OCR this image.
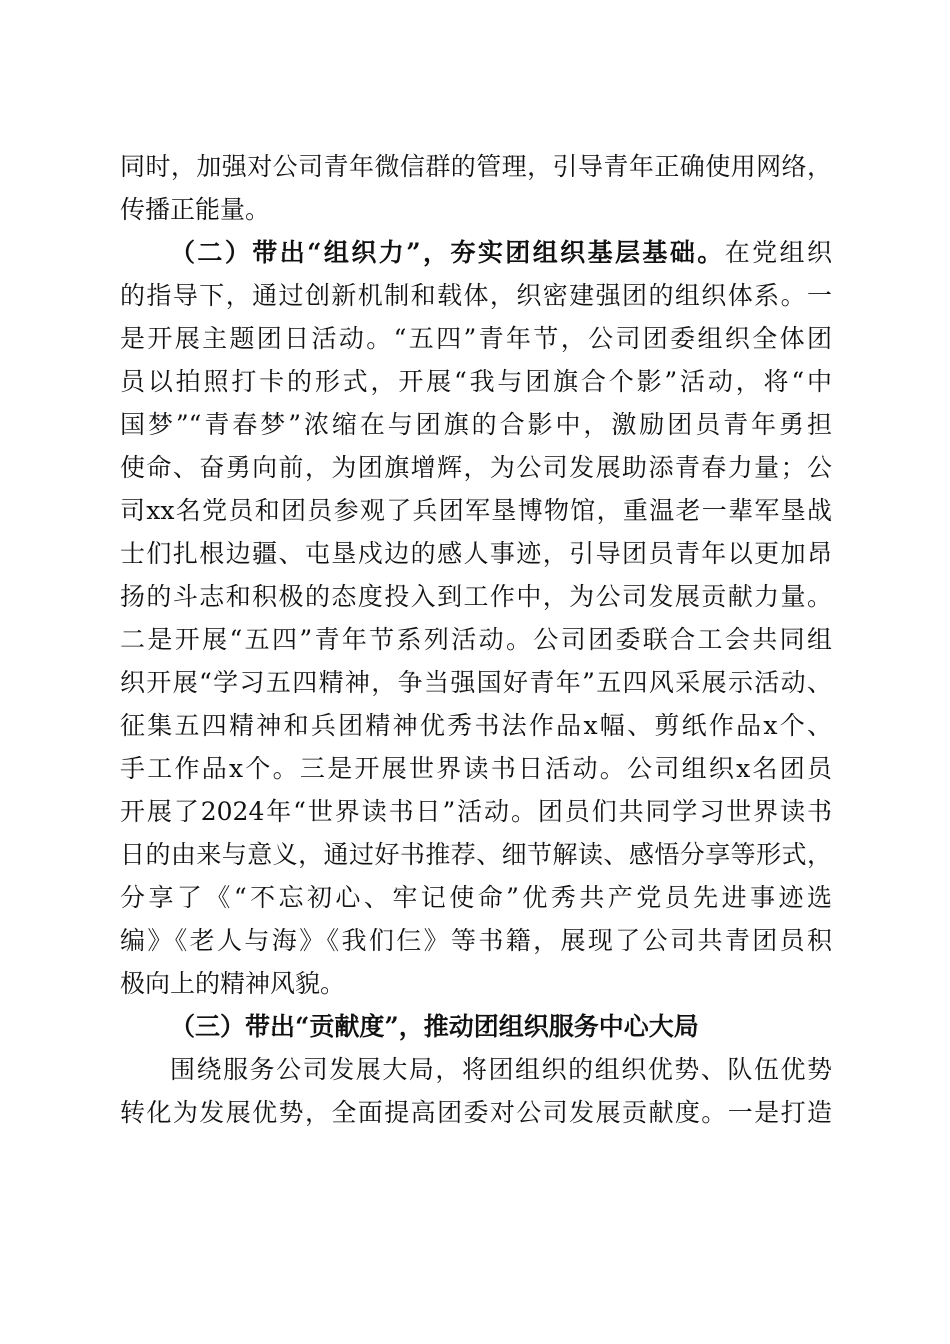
同时，加强对公司青年微信群的管理，引导青年正确使用网络，
传播正能量。
（二）带出“组织力”，夯实团组织基层基础。在党组织
的指导下，通过创新机制和载体，织密建强团的组织体系。一
是开展主题团日活动。“五四”青年节，公司团委组织全体团
员以拍照打卡的形式，开展“我与团旗合个影”活动，将“中
国梦”“青春梦”浓缩在与团旗的合影中，激励团员青年勇担
使命、奋勇向前，为团旗增辉，为公司发展助添青春力量；公
司xx名党员和团员参观了兵团军垦博物馆，重温老一辈军垦战
士们扎根边疆、屯垦戍边的感人事迹，引导团员青年以更加昂
扬的斗志和积极的态度投入到工作中，为公司发展贡献力量。
二是开展“五四”青年节系列活动。公司团委联合工会共同组
织开展“学习五四精神，争当强国好青年”五四风采展示活动、
征集五四精神和兵团精神优秀书法作品x幅、剪纸作品x个、
手工作品x个。三是开展世界读书日活动。公司组织x名团员
开展了2024年“世界读书日”活动。团员们共同学习世界读书
日的由来与意义，通过好书推荐、细节解读、感悟分享等形式，
分享了《“不忘初心、牢记使命”优秀共产党员先进事迹选
编》《老人与海》《我们仨》等书籍，展现了公司共青团员积
极向上的精神风貌。
（三）带出“贡献度”，推动团组织服务中心大局
围绕服务公司发展大局，将团组织的组织优势、队伍优势
转化为发展优势，全面提高团委对公司发展贡献度。一是打造
